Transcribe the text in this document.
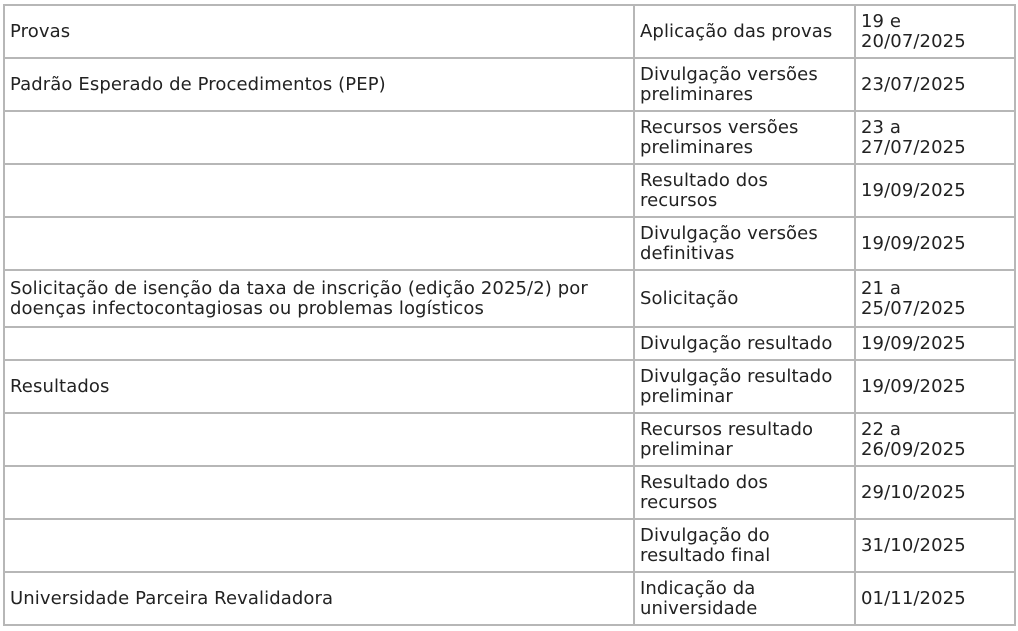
Provas	Aplicação das provas	19 e 20/07/2025
Padrão Esperado de Procedimentos (PEP)	Divulgação versões preliminares	23/07/2025
	Recursos versões preliminares	23 a 27/07/2025
	Resultado dos recursos	19/09/2025
	Divulgação versões definitivas	19/09/2025
Solicitação de isenção da taxa de inscrição (edição 2025/2) por doenças infectocontagiosas ou problemas logísticos	Solicitação	21 a 25/07/2025
	Divulgação resultado	19/09/2025
Resultados	Divulgação resultado preliminar	19/09/2025
	Recursos resultado preliminar	22 a 26/09/2025
	Resultado dos recursos	29/10/2025
	Divulgação do resultado final	31/10/2025
Universidade Parceira Revalidadora	Indicação da universidade	01/11/2025
